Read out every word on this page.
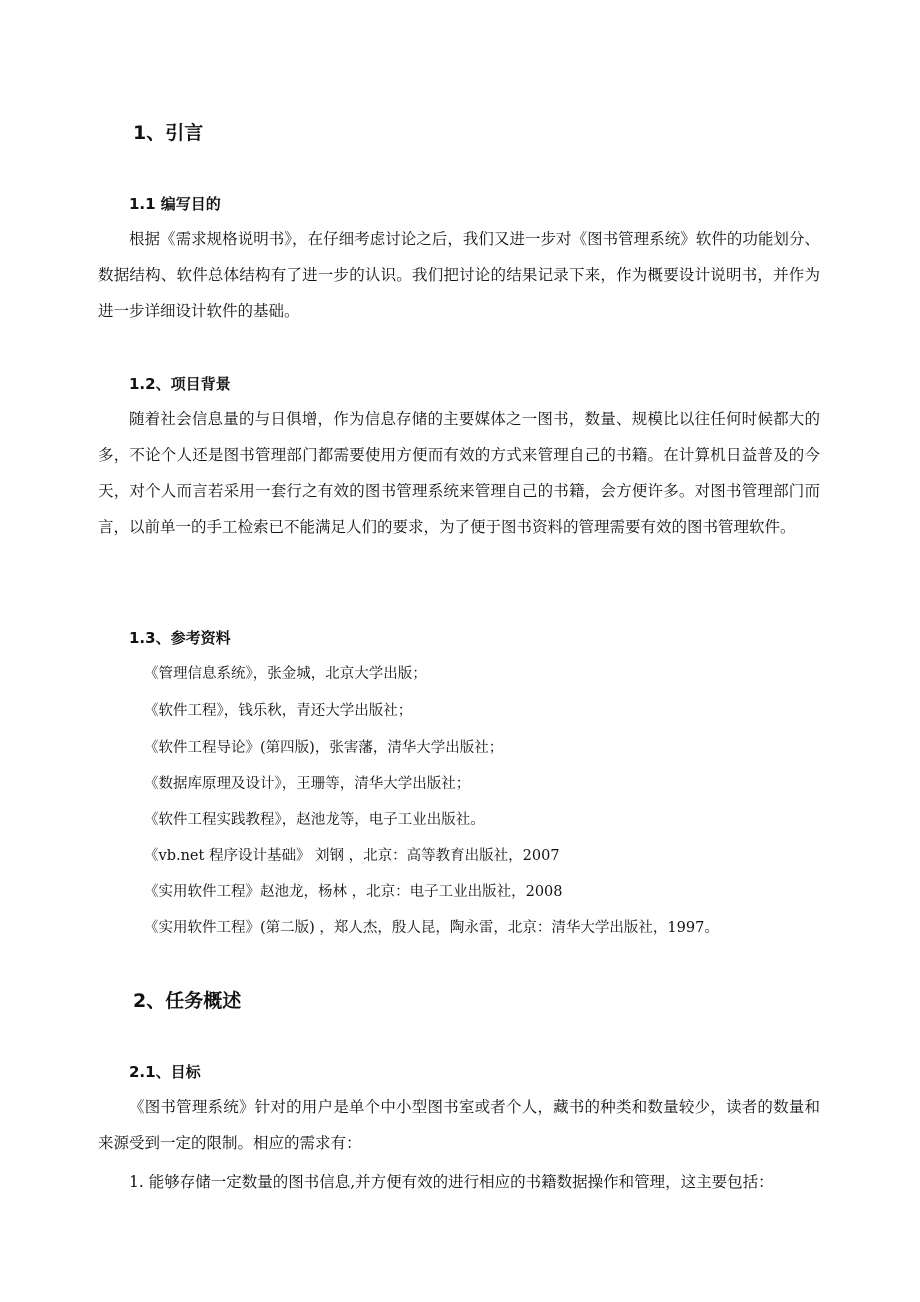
1、引言
1.1 编写目的

根据《需求规格说明书》，在仔细考虑讨论之后，我们又进一步对《图书管理系统》软件的功能划分、数据结构、软件总体结构有了进一步的认识。我们把讨论的结果记录下来，作为概要设计说明书，并作为进一步详细设计软件的基础。

1.2、项目背景

随着社会信息量的与日俱增，作为信息存储的主要媒体之一图书，数量、规模比以往任何时候都大的多，不论个人还是图书管理部门都需要使用方便而有效的方式来管理自己的书籍。在计算机日益普及的今天，对个人而言若采用一套行之有效的图书管理系统来管理自己的书籍，会方便许多。对图书管理部门而言，以前单一的手工检索已不能满足人们的要求，为了便于图书资料的管理需要有效的图书管理软件。

1.3、参考资料
《管理信息系统》，张金城，北京大学出版；
《软件工程》，钱乐秋，青还大学出版社；
《软件工程导论》(第四版)，张害藩，清华大学出版社；
《数据库原理及设计》，王珊等，清华大学出版社；
《软件工程实践教程》，赵池龙等，电子工业出版社。
《vb.net 程序设计基础》 刘钢 ，北京：高等教育出版社，2007
《实用软件工程》赵池龙，杨林 ，北京：电子工业出版社，2008
《实用软件工程》(第二版) ，郑人杰，殷人昆，陶永雷，北京：清华大学出版社，1997。
2、任务概述
2.1、目标

《图书管理系统》针对的用户是单个中小型图书室或者个人，藏书的种类和数量较少，读者的数量和来源受到一定的限制。相应的需求有：

1. 能够存储一定数量的图书信息,并方便有效的进行相应的书籍数据操作和管理，这主要包括：
